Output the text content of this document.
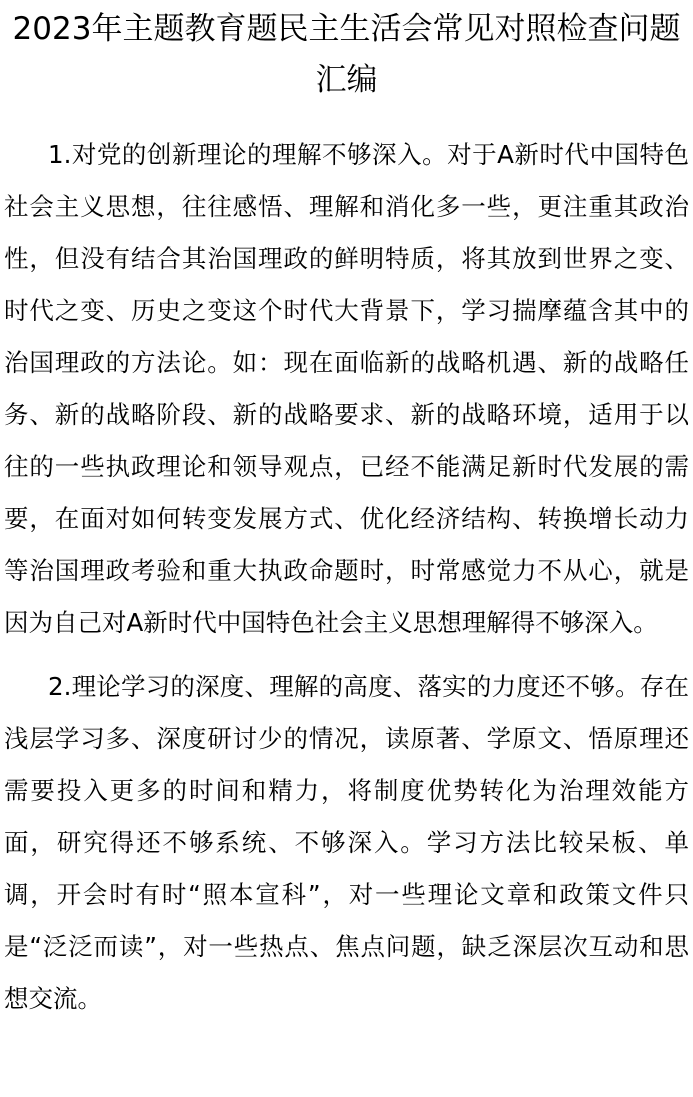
2023年主题教育题民主生活会常见对照检查问题汇编

1.对党的创新理论的理解不够深入。对于A新时代中国特色社会主义思想，往往感悟、理解和消化多一些，更注重其政治性，但没有结合其治国理政的鲜明特质，将其放到世界之变、时代之变、历史之变这个时代大背景下，学习揣摩蕴含其中的治国理政的方法论。如：现在面临新的战略机遇、新的战略任务、新的战略阶段、新的战略要求、新的战略环境，适用于以往的一些执政理论和领导观点，已经不能满足新时代发展的需要，在面对如何转变发展方式、优化经济结构、转换增长动力等治国理政考验和重大执政命题时，时常感觉力不从心，就是因为自己对A新时代中国特色社会主义思想理解得不够深入。

2.理论学习的深度、理解的高度、落实的力度还不够。存在浅层学习多、深度研讨少的情况，读原著、学原文、悟原理还需要投入更多的时间和精力，将制度优势转化为治理效能方面，研究得还不够系统、不够深入。学习方法比较呆板、单调，开会时有时“照本宣科”，对一些理论文章和政策文件只是“泛泛而读”，对一些热点、焦点问题，缺乏深层次互动和思想交流。
